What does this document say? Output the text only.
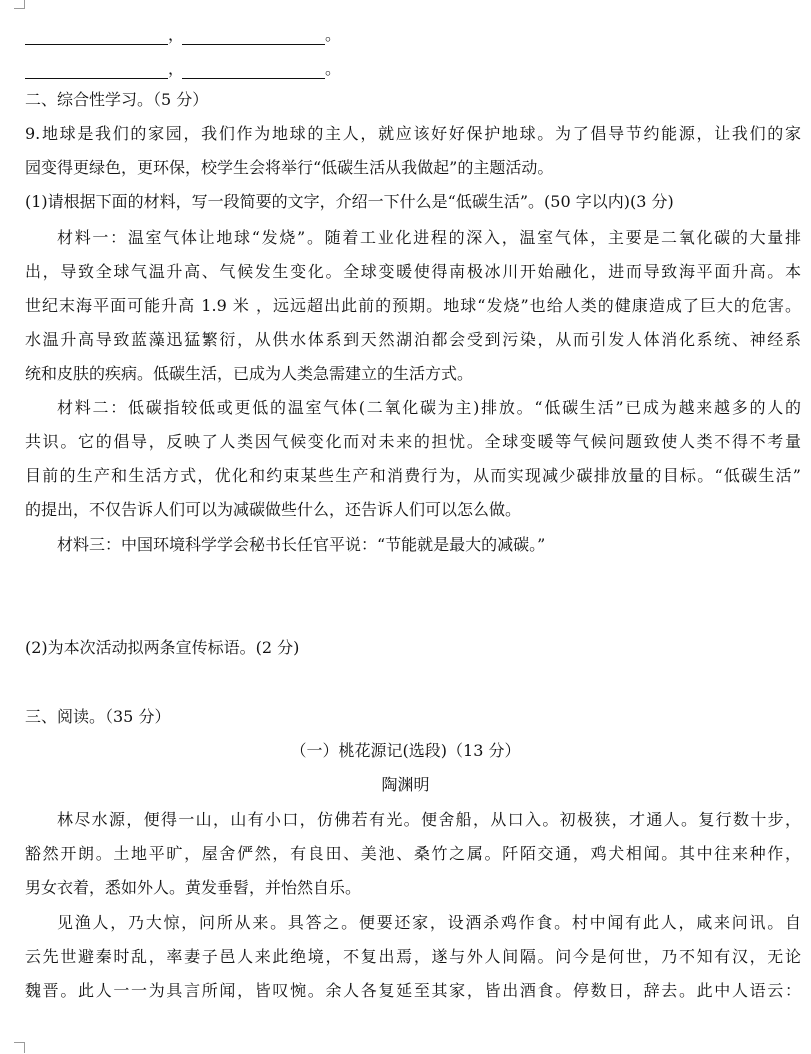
，	。
，	。
二、综合性学习。（5 分）
9.地球是我们的家园，我们作为地球的主人，就应该好好保护地球。为了倡导节约能源，让我们的家
园变得更绿色，更环保，校学生会将举行“低碳生活从我做起”的主题活动。
(1)请根据下面的材料，写一段简要的文字，介绍一下什么是“低碳生活”。(50 字以内)(3 分)
材料一：温室气体让地球“发烧”。随着工业化进程的深入，温室气体，主要是二氧化碳的大量排
出，导致全球气温升高、气候发生变化。全球变暖使得南极冰川开始融化，进而导致海平面升高。本
世纪末海平面可能升高 1.9 米 ，远远超出此前的预期。地球“发烧”也给人类的健康造成了巨大的危害。
水温升高导致蓝藻迅猛繁衍，从供水体系到天然湖泊都会受到污染，从而引发人体消化系统、神经系
统和皮肤的疾病。低碳生活，已成为人类急需建立的生活方式。
材料二：低碳指较低或更低的温室气体(二氧化碳为主)排放。“低碳生活”已成为越来越多的人的
共识。它的倡导，反映了人类因气候变化而对未来的担忧。全球变暖等气候问题致使人类不得不考量
目前的生产和生活方式，优化和约束某些生产和消费行为，从而实现减少碳排放量的目标。“低碳生活”
的提出，不仅告诉人们可以为减碳做些什么，还告诉人们可以怎么做。
材料三：中国环境科学学会秘书长任官平说：“节能就是最大的减碳。”
(2)为本次活动拟两条宣传标语。(2 分)
三、阅读。（35 分）
（一）桃花源记(选段)（13 分）
陶渊明
林尽水源，便得一山，山有小口，仿佛若有光。便舍船，从口入。初极狭，才通人。复行数十步，
豁然开朗。土地平旷，屋舍俨然，有良田、美池、桑竹之属。阡陌交通，鸡犬相闻。其中往来种作，
男女衣着，悉如外人。黄发垂髫，并怡然自乐。
见渔人，乃大惊，问所从来。具答之。便要还家，设酒杀鸡作食。村中闻有此人，咸来问讯。自
云先世避秦时乱，率妻子邑人来此绝境，不复出焉，遂与外人间隔。问今是何世，乃不知有汉，无论
魏晋。此人一一为具言所闻，皆叹惋。余人各复延至其家，皆出酒食。停数日，辞去。此中人语云：
